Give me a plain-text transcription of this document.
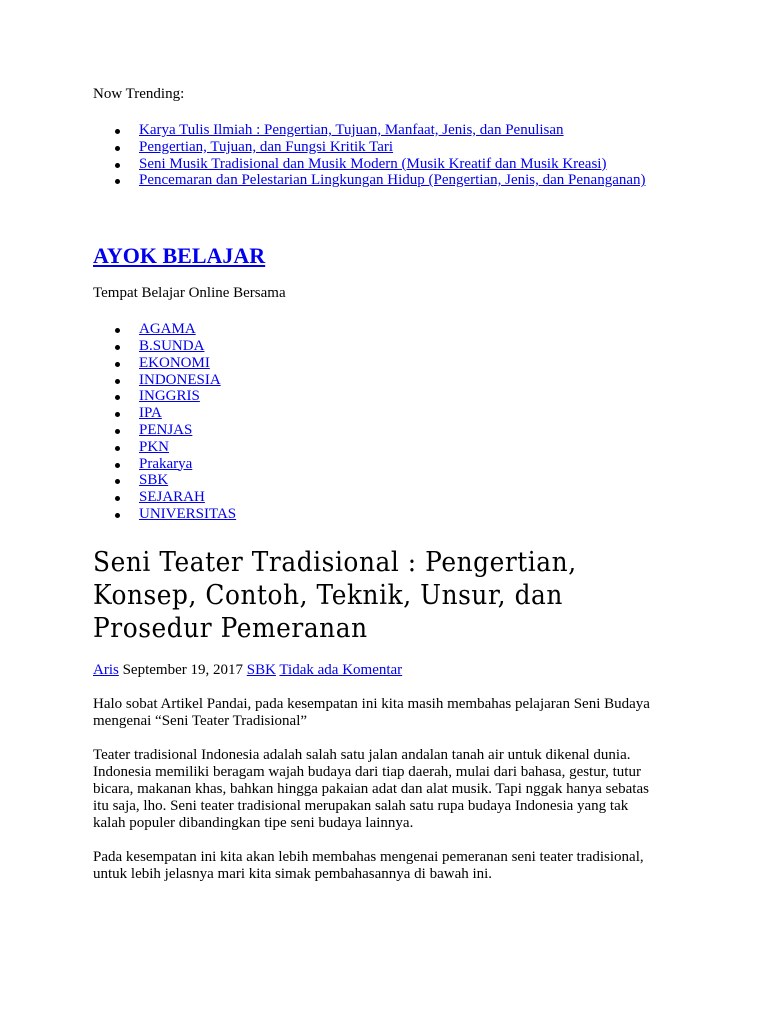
Now Trending:

Karya Tulis Ilmiah : Pengertian, Tujuan, Manfaat, Jenis, dan Penulisan
Pengertian, Tujuan, dan Fungsi Kritik Tari
Seni Musik Tradisional dan Musik Modern (Musik Kreatif dan Musik Kreasi)
Pencemaran dan Pelestarian Lingkungan Hidup (Pengertian, Jenis, dan Penanganan)
AYOK BELAJAR

Tempat Belajar Online Bersama

AGAMA
B.SUNDA
EKONOMI
INDONESIA
INGGRIS
IPA
PENJAS
PKN
Prakarya
SBK
SEJARAH
UNIVERSITAS
Seni Teater Tradisional : Pengertian,
Konsep, Contoh, Teknik, Unsur, dan
Prosedur Pemeranan

Aris September 19, 2017 SBK Tidak ada Komentar

Halo sobat Artikel Pandai, pada kesempatan ini kita masih membahas pelajaran Seni Budaya
mengenai “Seni Teater Tradisional”

Teater tradisional Indonesia adalah salah satu jalan andalan tanah air untuk dikenal dunia.
Indonesia memiliki beragam wajah budaya dari tiap daerah, mulai dari bahasa, gestur, tutur
bicara, makanan khas, bahkan hingga pakaian adat dan alat musik. Tapi nggak hanya sebatas
itu saja, lho. Seni teater tradisional merupakan salah satu rupa budaya Indonesia yang tak
kalah populer dibandingkan tipe seni budaya lainnya.

Pada kesempatan ini kita akan lebih membahas mengenai pemeranan seni teater tradisional,
untuk lebih jelasnya mari kita simak pembahasannya di bawah ini.
